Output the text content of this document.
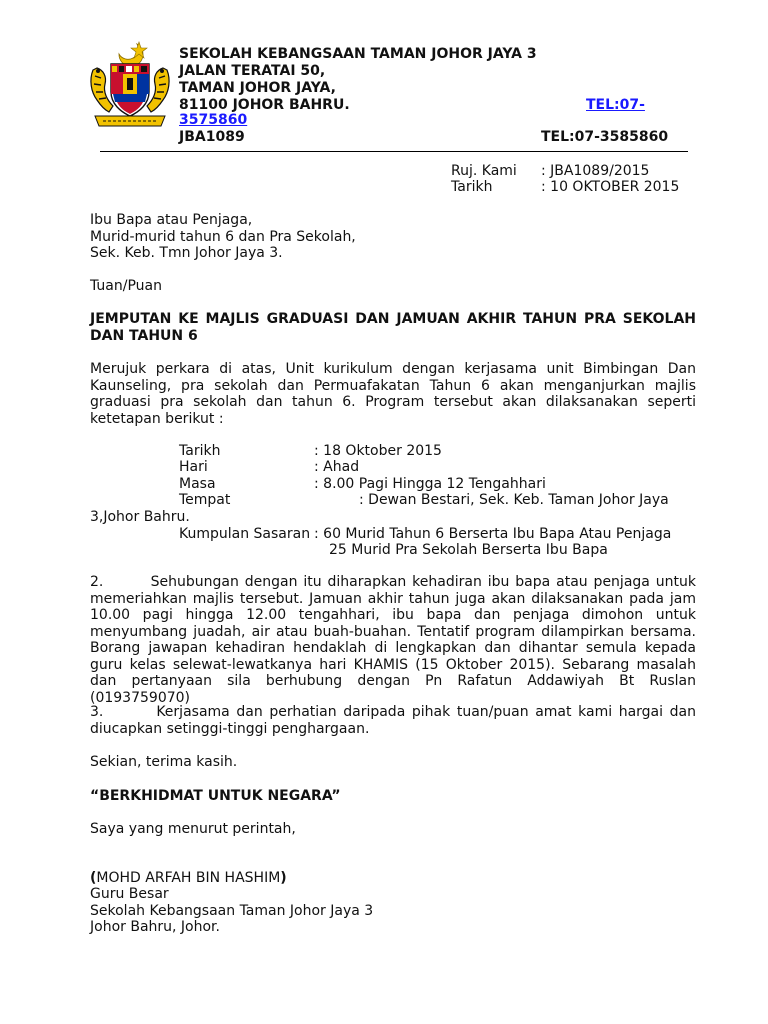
SEKOLAH KEBANGSAAN TAMAN JOHOR JAYA 3
JALAN TERATAI 50,
TAMAN JOHOR JAYA,
81100 JOHOR BAHRU.	TEL:07-
3575860
JBA1089	TEL:07-3585860
Ruj. Kami : JBA1089/2015
Tarikh	: 10 OKTOBER 2015
Ibu Bapa atau Penjaga,
Murid-murid tahun 6 dan Pra Sekolah,
Sek. Keb. Tmn Johor Jaya 3.
Tuan/Puan
JEMPUTAN KE MAJLIS GRADUASI DAN JAMUAN AKHIR TAHUN PRA SEKOLAH DAN TAHUN 6
Merujuk perkara di atas, Unit kurikulum dengan kerjasama unit Bimbingan Dan Kaunseling, pra sekolah dan Permuafakatan Tahun 6 akan menganjurkan majlis graduasi pra sekolah dan tahun 6. Program tersebut akan dilaksanakan seperti ketetapan berikut :
Tarikh	: 18 Oktober 2015
Hari	: Ahad
Masa	: 8.00 Pagi Hingga 12 Tengahhari
Tempat	: Dewan Bestari, Sek. Keb. Taman Johor Jaya
3,Johor Bahru.
Kumpulan Sasaran : 60 Murid Tahun 6 Berserta Ibu Bapa Atau Penjaga
25 Murid Pra Sekolah Berserta Ibu Bapa
2.        Sehubungan dengan itu diharapkan kehadiran ibu bapa atau penjaga untuk memeriahkan majlis tersebut. Jamuan akhir tahun juga akan dilaksanakan pada jam 10.00 pagi hingga 12.00 tengahhari, ibu bapa dan penjaga dimohon untuk menyumbang juadah, air atau buah-buahan. Tentatif program dilampirkan bersama. Borang jawapan kehadiran hendaklah di lengkapkan dan dihantar semula kepada guru kelas selewat-lewatkanya hari KHAMIS (15 Oktober 2015). Sebarang masalah dan pertanyaan sila berhubung dengan Pn Rafatun Addawiyah Bt Ruslan (0193759070)
3.        Kerjasama dan perhatian daripada pihak tuan/puan amat kami hargai dan diucapkan setinggi-tinggi penghargaan.
Sekian, terima kasih.
“BERKHIDMAT UNTUK NEGARA”
Saya yang menurut perintah,
(MOHD ARFAH BIN HASHIM)
Guru Besar
Sekolah Kebangsaan Taman Johor Jaya 3
Johor Bahru, Johor.
